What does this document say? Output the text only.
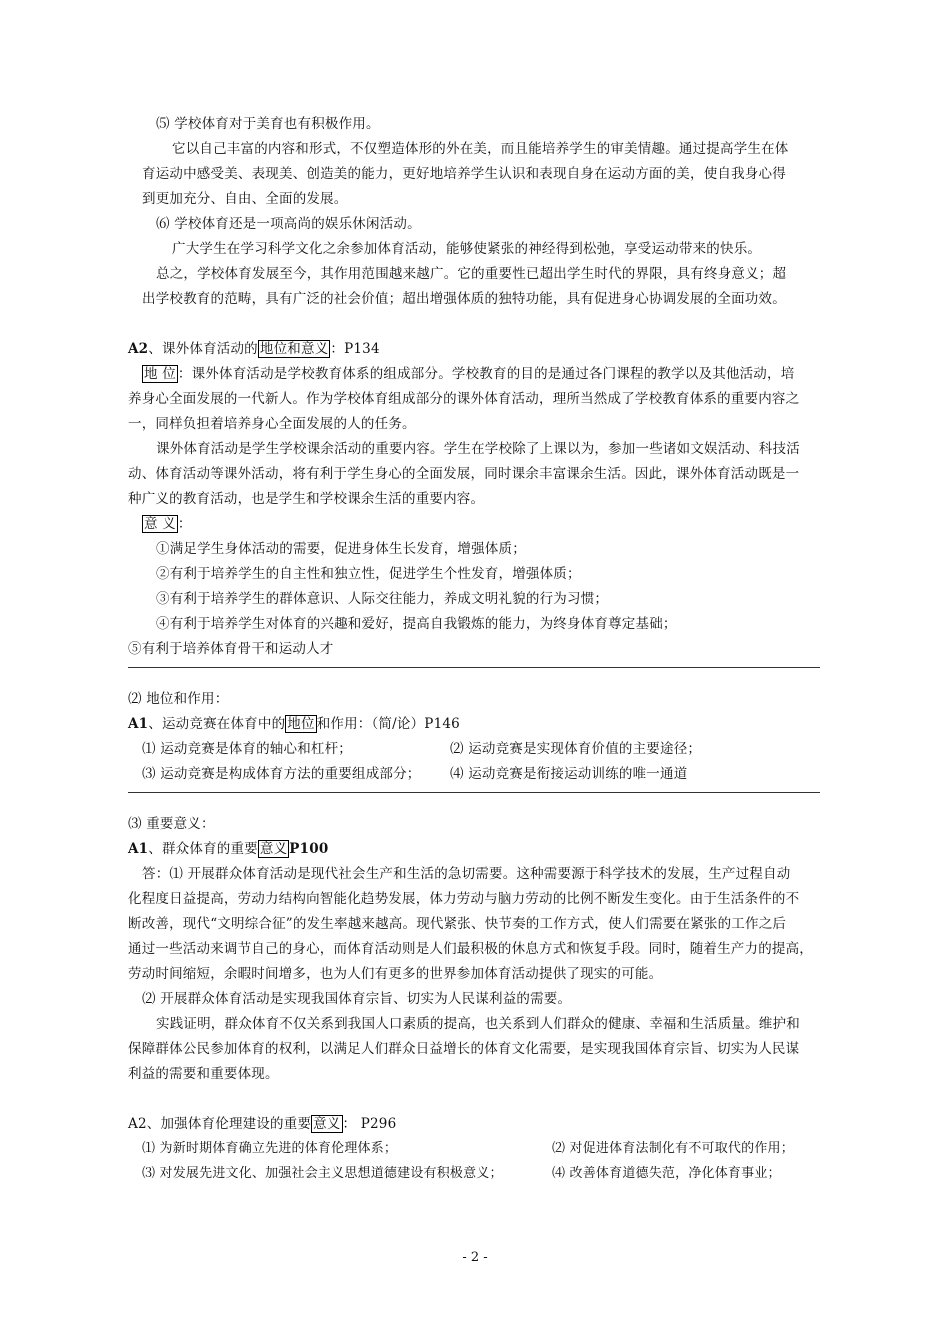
⑸ 学校体育对于美育也有积极作用。
它以自己丰富的内容和形式，不仅塑造体形的外在美，而且能培养学生的审美情趣。通过提高学生在体
育运动中感受美、表现美、创造美的能力，更好地培养学生认识和表现自身在运动方面的美，使自我身心得
到更加充分、自由、全面的发展。
⑹ 学校体育还是一项高尚的娱乐休闲活动。
广大学生在学习科学文化之余参加体育活动，能够使紧张的神经得到松弛，享受运动带来的快乐。
总之，学校体育发展至今，其作用范围越来越广。它的重要性已超出学生时代的界限，具有终身意义；超
出学校教育的范畴，具有广泛的社会价值；超出增强体质的独特功能，具有促进身心协调发展的全面功效。
A2、课外体育活动的 地位和意义 ：P134
地 位 ：课外体育活动是学校教育体系的组成部分。学校教育的目的是通过各门课程的教学以及其他活动，培
养身心全面发展的一代新人。作为学校体育组成部分的课外体育活动，理所当然成了学校教育体系的重要内容之
一，同样负担着培养身心全面发展的人的任务。
课外体育活动是学生学校课余活动的重要内容。学生在学校除了上课以为，参加一些诸如文娱活动、科技活
动、体育活动等课外活动，将有利于学生身心的全面发展，同时课余丰富课余生活。因此，课外体育活动既是一
种广义的教育活动，也是学生和学校课余生活的重要内容。
意 义 ：
①满足学生身体活动的需要，促进身体生长发育，增强体质；
②有利于培养学生的自主性和独立性，促进学生个性发育，增强体质；
③有利于培养学生的群体意识、人际交往能力，养成文明礼貌的行为习惯；
④有利于培养学生对体育的兴趣和爱好，提高自我锻炼的能力，为终身体育尊定基础；
⑤有利于培养体育骨干和运动人才
⑵ 地位和作用：
A1、运动竞赛在体育中的 地位 和作用：（简/论）P146
⑴ 运动竞赛是体育的轴心和杠杆；	⑵ 运动竞赛是实现体育价值的主要途径；
⑶ 运动竞赛是构成体育方法的重要组成部分； ⑷ 运动竞赛是衔接运动训练的唯一通道
⑶ 重要意义：
A1、群众体育的重要 意义 P100
答：⑴ 开展群众体育活动是现代社会生产和生活的急切需要。这种需要源于科学技术的发展，生产过程自动
化程度日益提高，劳动力结构向智能化趋势发展，体力劳动与脑力劳动的比例不断发生变化。由于生活条件的不
断改善，现代“文明综合征”的发生率越来越高。现代紧张、快节奏的工作方式，使人们需要在紧张的工作之后
通过一些活动来调节自己的身心，而体育活动则是人们最积极的休息方式和恢复手段。同时，随着生产力的提高，
劳动时间缩短，余暇时间增多，也为人们有更多的世界参加体育活动提供了现实的可能。
⑵ 开展群众体育活动是实现我国体育宗旨、切实为人民谋利益的需要。
实践证明，群众体育不仅关系到我国人口素质的提高，也关系到人们群众的健康、幸福和生活质量。维护和
保障群体公民参加体育的权利，以满足人们群众日益增长的体育文化需要，是实现我国体育宗旨、切实为人民谋
利益的需要和重要体现。
A2、加强体育伦理建设的重要 意义 ： P296
⑴ 为新时期体育确立先进的体育伦理体系；	⑵ 对促进体育法制化有不可取代的作用；
⑶ 对发展先进文化、加强社会主义思想道德建设有积极意义；	⑷ 改善体育道德失范，净化体育事业；
- 2 -
